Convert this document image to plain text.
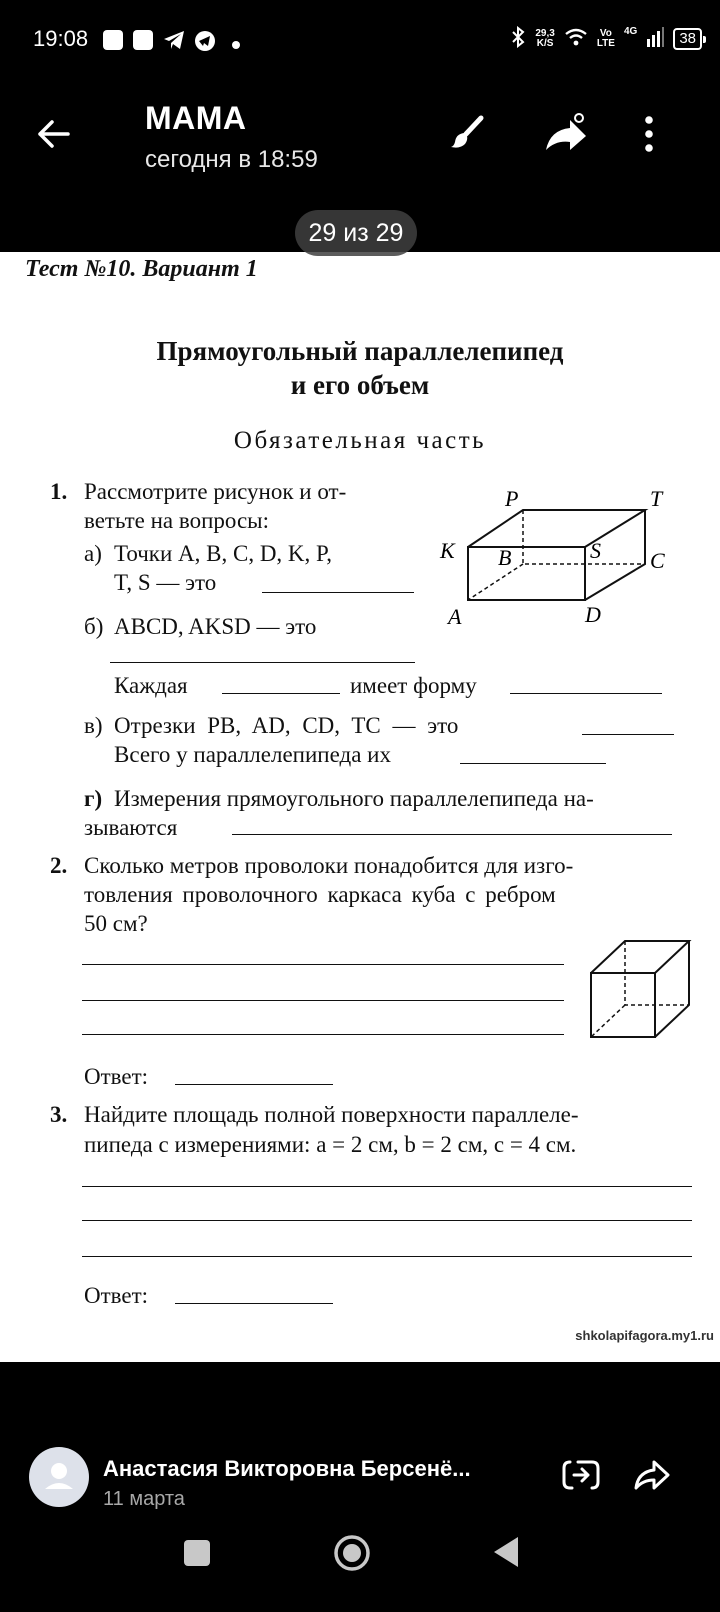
19:08	29,3
K/S
Vo
LTE
4G	38
МАМА
сегодня в 18:59
29 из 29
Тест №10. Вариант 1
Прямоугольный параллелепипед
и его объем
Обязательная часть
1. Рассмотрите рисунок и от-
ветьте на вопросы:
а) Точки A, B, C, D, K, P,
T, S — это
б) ABCD, AKSD — это
Каждая	имеет форму
в) Отрезки PB, AD, CD, TC — это
Всего у параллелепипеда их
г) Измерения прямоугольного параллелепипеда на-
зываются
P	T
K B	S C
A	D
2. Сколько метров проволоки понадобится для изго-
товления проволочного каркаса куба с ребром
50 см?
Ответ:
3. Найдите площадь полной поверхности параллеле-
пипеда с измерениями: a = 2 см, b = 2 см, c = 4 см.
Ответ:
shkolapifagora.my1.ru
Анастасия Викторовна Берсенё...
11 марта
